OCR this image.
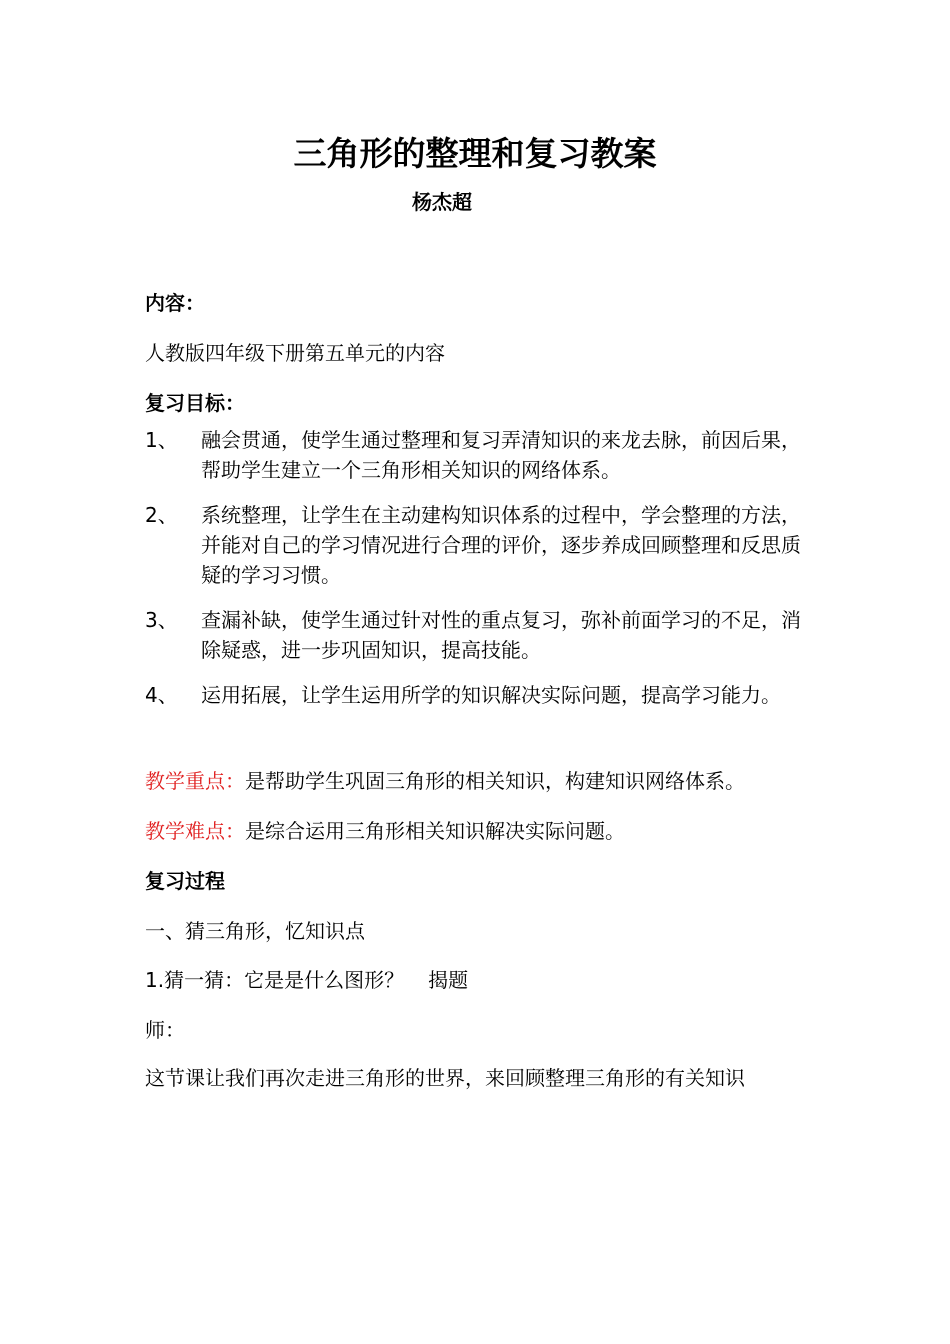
三角形的整理和复习教案
杨杰超
内容：
人教版四年级下册第五单元的内容
复习目标：
1、 融会贯通，使学生通过整理和复习弄清知识的来龙去脉，前因后果，帮助学生建立一个三角形相关知识的网络体系。
2、 系统整理，让学生在主动建构知识体系的过程中，学会整理的方法，并能对自己的学习情况进行合理的评价，逐步养成回顾整理和反思质疑的学习习惯。
3、 查漏补缺，使学生通过针对性的重点复习，弥补前面学习的不足，消除疑惑，进一步巩固知识，提高技能。
4、 运用拓展，让学生运用所学的知识解决实际问题，提高学习能力。
教学重点：是帮助学生巩固三角形的相关知识，构建知识网络体系。
教学难点：是综合运用三角形相关知识解决实际问题。
复习过程
一、猜三角形，忆知识点
1.猜一猜：它是是什么图形？ 揭题
师：
这节课让我们再次走进三角形的世界，来回顾整理三角形的有关知识
